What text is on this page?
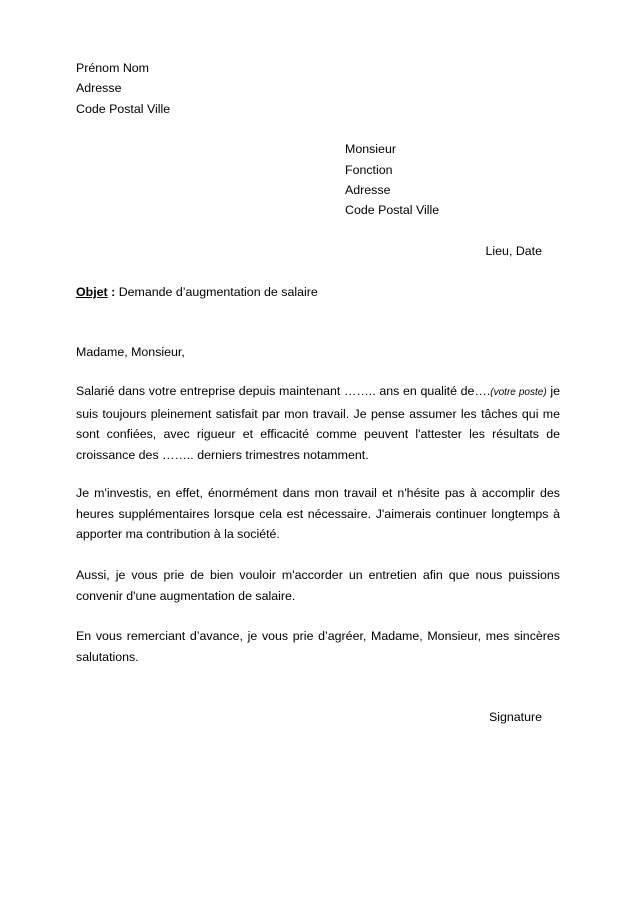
Prénom Nom
Adresse
Code Postal Ville
Monsieur
Fonction
Adresse
Code Postal Ville
Lieu, Date
Objet : Demande d’augmentation de salaire
Madame, Monsieur,
Salarié dans votre entreprise depuis maintenant …….. ans en qualité de….(votre poste) je suis toujours pleinement satisfait par mon travail. Je pense assumer les tâches qui me sont confiées, avec rigueur et efficacité comme peuvent l'attester les résultats de croissance des …….. derniers trimestres notamment.
Je m'investis, en effet, énormément dans mon travail et n'hésite pas à accomplir des heures supplémentaires lorsque cela est nécessaire. J'aimerais continuer longtemps à apporter ma contribution à la société.
Aussi, je vous prie de bien vouloir m'accorder un entretien afin que nous puissions convenir d'une augmentation de salaire.
En vous remerciant d’avance, je vous prie d’agréer, Madame, Monsieur, mes sincères salutations.
Signature
